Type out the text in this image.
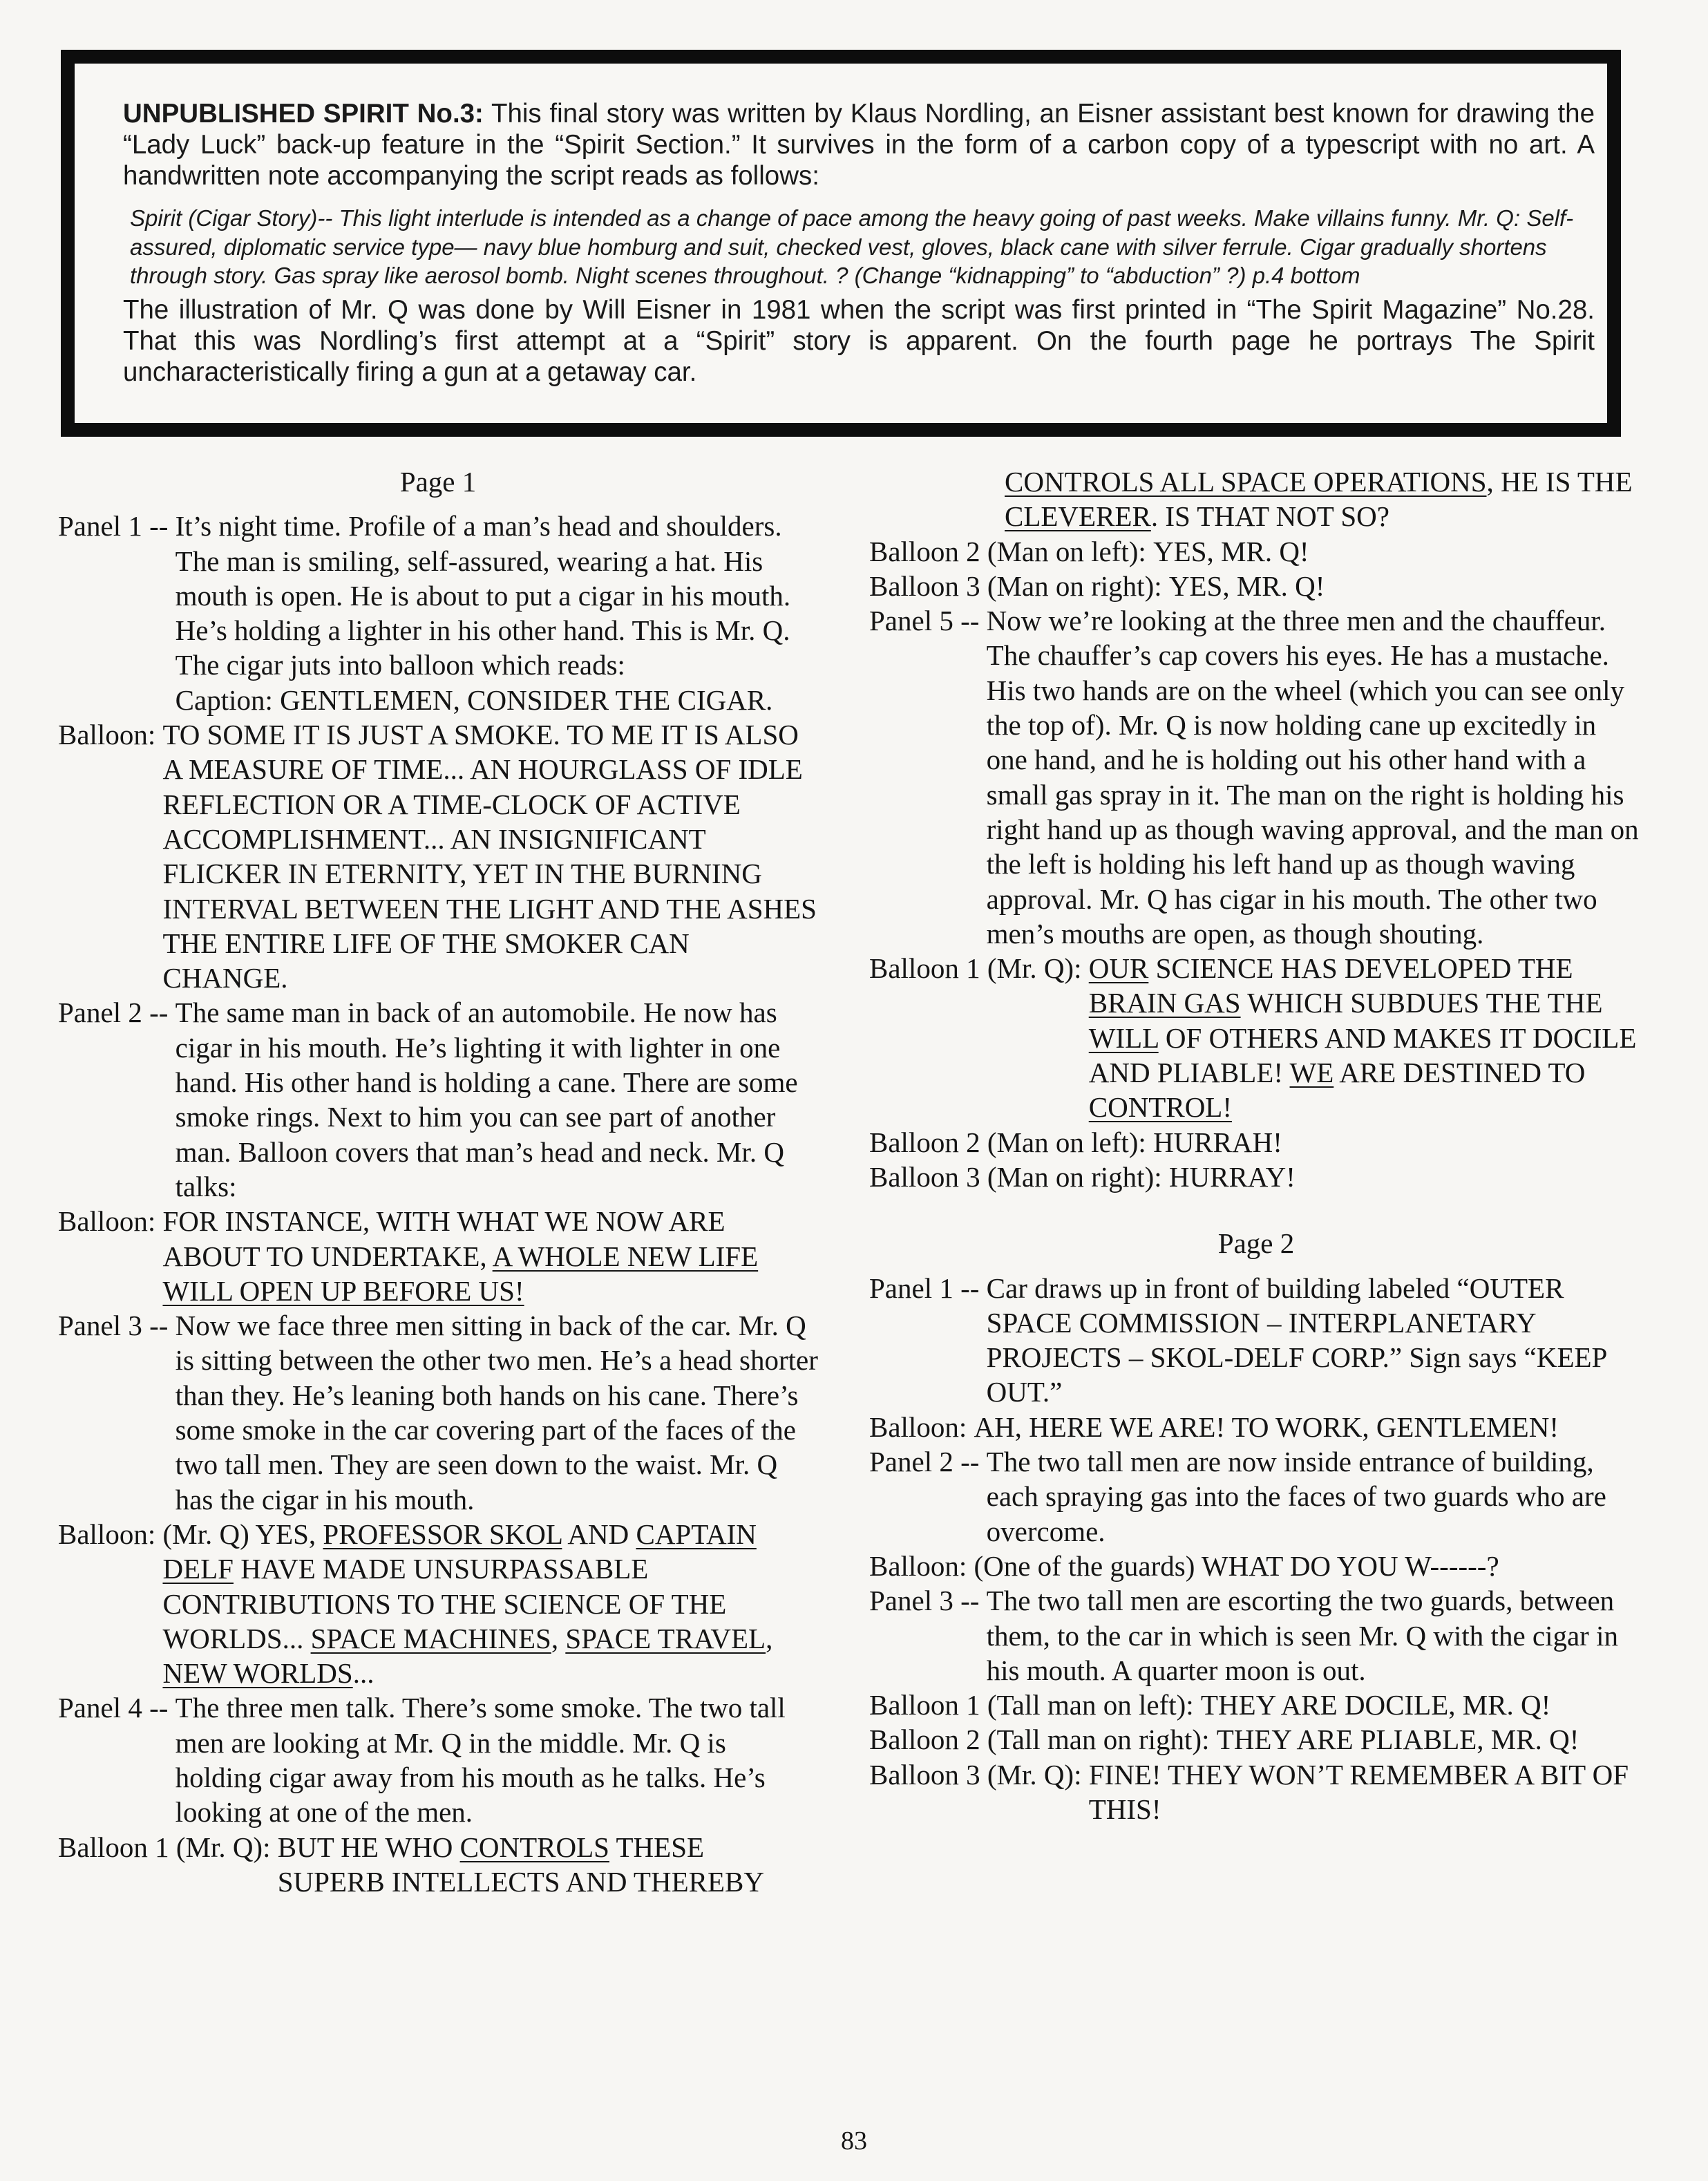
UNPUBLISHED SPIRIT No.3: This final story was written by Klaus Nordling, an Eisner assistant best known for drawing the “Lady Luck” back-up feature in the “Spirit Section.” It survives in the form of a carbon copy of a typescript with no art. A handwritten note accompanying the script reads as follows:

Spirit (Cigar Story)-- This light interlude is intended as a change of pace among the heavy going of past weeks. Make villains funny. Mr. Q: Self-assured, diplomatic service type— navy blue homburg and suit, checked vest, gloves, black cane with silver ferrule. Cigar gradually shortens through story. Gas spray like aerosol bomb. Night scenes throughout. ? (Change “kidnapping” to “abduction” ?) p.4 bottom

The illustration of Mr. Q was done by Will Eisner in 1981 when the script was first printed in “The Spirit Magazine” No.28. That this was Nordling’s first attempt at a “Spirit” story is apparent. On the fourth page he portrays The Spirit uncharacteristically firing a gun at a getaway car.

Page 1

Panel 1 -- It’s night time. Profile of a man’s head and shoulders. The man is smiling, self-assured, wearing a hat. His mouth is open. He is about to put a cigar in his mouth. He’s holding a lighter in his other hand. This is Mr. Q. The cigar juts into balloon which reads:
Caption: GENTLEMEN, CONSIDER THE CIGAR.
Balloon: TO SOME IT IS JUST A SMOKE. TO ME IT IS ALSO A MEASURE OF TIME... AN HOURGLASS OF IDLE REFLECTION OR A TIME-CLOCK OF ACTIVE ACCOMPLISHMENT... AN INSIGNIFICANT FLICKER IN ETERNITY, YET IN THE BURNING INTERVAL BETWEEN THE LIGHT AND THE ASHES THE ENTIRE LIFE OF THE SMOKER CAN CHANGE.
Panel 2 -- The same man in back of an automobile. He now has cigar in his mouth. He’s lighting it with lighter in one hand. His other hand is holding a cane. There are some smoke rings. Next to him you can see part of another man. Balloon covers that man’s head and neck. Mr. Q talks:
Balloon: FOR INSTANCE, WITH WHAT WE NOW ARE ABOUT TO UNDERTAKE, A WHOLE NEW LIFE WILL OPEN UP BEFORE US!
Panel 3 -- Now we face three men sitting in back of the car. Mr. Q is sitting between the other two men. He’s a head shorter than they. He’s leaning both hands on his cane. There’s some smoke in the car covering part of the faces of the two tall men. They are seen down to the waist. Mr. Q has the cigar in his mouth.
Balloon: (Mr. Q) YES, PROFESSOR SKOL AND CAPTAIN DELF HAVE MADE UNSURPASSABLE CONTRIBUTIONS TO THE SCIENCE OF THE WORLDS... SPACE MACHINES, SPACE TRAVEL, NEW WORLDS...
Panel 4 -- The three men talk. There’s some smoke. The two tall men are looking at Mr. Q in the middle. Mr. Q is holding cigar away from his mouth as he talks. He’s looking at one of the men.
Balloon 1 (Mr. Q): BUT HE WHO CONTROLS THESE SUPERB INTELLECTS AND THEREBY
CONTROLS ALL SPACE OPERATIONS, HE IS THE CLEVERER. IS THAT NOT SO?
Balloon 2 (Man on left): YES, MR. Q!
Balloon 3 (Man on right): YES, MR. Q!
Panel 5 -- Now we’re looking at the three men and the chauffeur. The chauffer’s cap covers his eyes. He has a mustache. His two hands are on the wheel (which you can see only the top of). Mr. Q is now holding cane up excitedly in one hand, and he is holding out his other hand with a small gas spray in it. The man on the right is holding his right hand up as though waving approval, and the man on the left is holding his left hand up as though waving approval. Mr. Q has cigar in his mouth. The other two men’s mouths are open, as though shouting.
Balloon 1 (Mr. Q): OUR SCIENCE HAS DEVELOPED THE BRAIN GAS WHICH SUBDUES THE THE WILL OF OTHERS AND MAKES IT DOCILE AND PLIABLE! WE ARE DESTINED TO CONTROL!
Balloon 2 (Man on left): HURRAH!
Balloon 3 (Man on right): HURRAY!

Page 2

Panel 1 -- Car draws up in front of building labeled “OUTER SPACE COMMISSION – INTERPLANETARY PROJECTS – SKOL-DELF CORP.” Sign says “KEEP OUT.”
Balloon: AH, HERE WE ARE! TO WORK, GENTLEMEN!
Panel 2 -- The two tall men are now inside entrance of building, each spraying gas into the faces of two guards who are overcome.
Balloon: (One of the guards) WHAT DO YOU W------?
Panel 3 -- The two tall men are escorting the two guards, between them, to the car in which is seen Mr. Q with the cigar in his mouth. A quarter moon is out.
Balloon 1 (Tall man on left): THEY ARE DOCILE, MR. Q!
Balloon 2 (Tall man on right): THEY ARE PLIABLE, MR. Q!
Balloon 3 (Mr. Q): FINE! THEY WON’T REMEMBER A BIT OF THIS!
83
